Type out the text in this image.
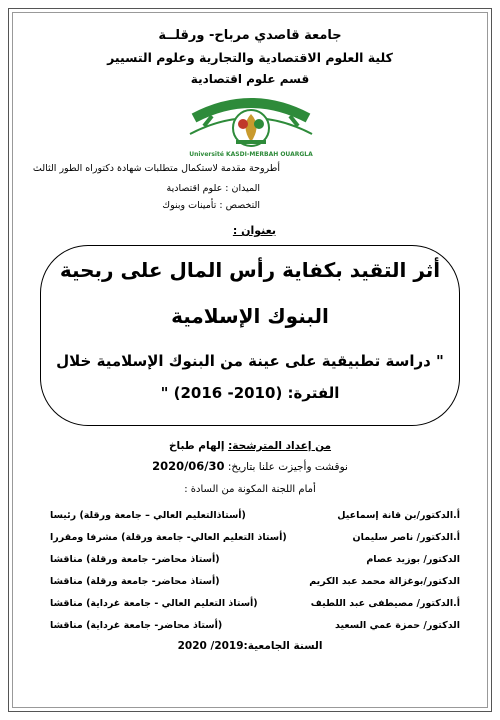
جامعة قاصدي مرباح- ورقلــة
كلية العلوم الاقتصادية والتجارية وعلوم التسيير
قسم علوم اقتصادية
Université KASDI-MERBAH OUARGLA
أطروحة مقدمة لاستكمال متطلبات شهادة دكتوراه الطور الثالث
الميدان : علوم اقتصادية
التخصص : تأمينات وبنوك
بعنوان :
أثر التقيد بكفاية رأس المال على ربحية
البنوك الإسلامية
" دراسة تطبيقية على عينة من البنوك الإسلامية خلال
الفترة: (2010- 2016) "
من إعداد المترشحة: إلهام طباخ
نوقشت وأجيزت علنا بتاريخ: 2020/06/30
أمام اللجنة المكونة من السادة :
أ.الدكتور/بن قانة إسماعيل
(أستاذالتعليم العالي – جامعة ورقلة) رئيسا
أ.الدكتور/ ناصر سليمان
(أستاذ التعليم العالي- جامعة ورقلة) مشرفا ومقررا
الدكتور/ بوزيد عصام
(أستاذ محاضر- جامعة ورقلة) مناقشا
الدكتور/بوغزالة محمد عبد الكريم
(أستاذ محاضر- جامعة ورقلة) مناقشا
أ.الدكتور/ مصيطفى عبد اللطيف
(أستاذ التعليم العالي - جامعة غرداية) مناقشا
الدكتور/ حمزة عمي السعيد
(أستاذ محاضر- جامعة غرداية) مناقشا
السنة الجامعية:2019/ 2020
